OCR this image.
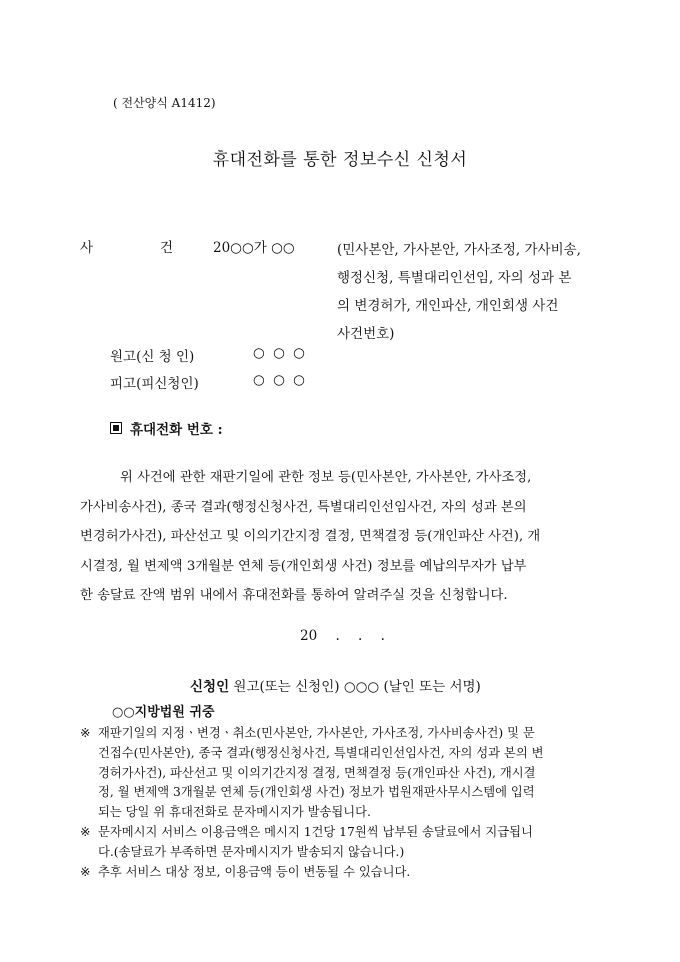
( 전산양식 A1412)
휴대전화를 통한 정보수신 신청서
사	건	20○○가 ○○	(민사본안, 가사본안, 가사조정, 가사비송,
행정신청, 특별대리인선임, 자의 성과 본
의 변경허가, 개인파산, 개인회생 사건
사건번호)
원고(신 청 인)	○ ○ ○
피고(피신청인)	○ ○ ○
휴대전화 번호 :
위 사건에 관한 재판기일에 관한 정보 등(민사본안, 가사본안, 가사조정,
가사비송사건), 종국 결과(행정신청사건, 특별대리인선임사건, 자의 성과 본의
변경허가사건), 파산선고 및 이의기간지정 결정, 면책결정 등(개인파산 사건), 개
시결정, 월 변제액 3개월분 연체 등(개인회생 사건) 정보를 예납의무자가 납부
한 송달료 잔액 범위 내에서 휴대전화를 통하여 알려주실 것을 신청합니다.
20 . . .
신청인 원고(또는 신청인) ○○○ (날인 또는 서명)
○○지방법원 귀중
※ 재판기일의 지정ㆍ변경ㆍ취소(민사본안, 가사본안, 가사조정, 가사비송사건) 및 문
건접수(민사본안), 종국 결과(행정신청사건, 특별대리인선임사건, 자의 성과 본의 변
경허가사건), 파산선고 및 이의기간지정 결정, 면책결정 등(개인파산 사건), 개시결
정, 월 변제액 3개월분 연체 등(개인회생 사건) 정보가 법원재판사무시스템에 입력
되는 당일 위 휴대전화로 문자메시지가 발송됩니다.
※ 문자메시지 서비스 이용금액은 메시지 1건당 17원씩 납부된 송달료에서 지급됩니
다.(송달료가 부족하면 문자메시지가 발송되지 않습니다.)
※ 추후 서비스 대상 정보, 이용금액 등이 변동될 수 있습니다.
